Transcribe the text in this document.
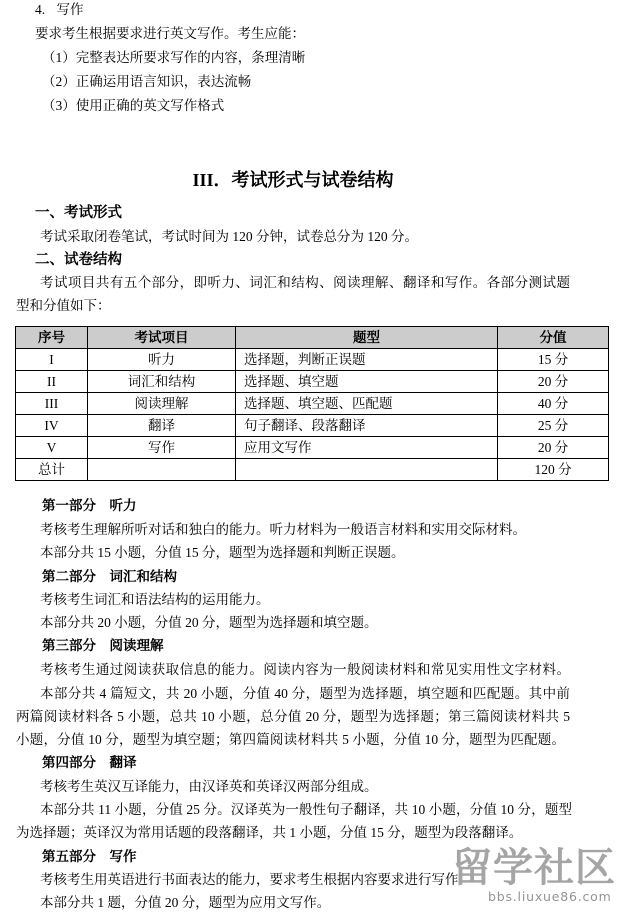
4. 写作
要求考生根据要求进行英文写作。考生应能：
（1）完整表达所要求写作的内容，条理清晰
（2）正确运用语言知识，表达流畅
（3）使用正确的英文写作格式
III．考试形式与试卷结构
一、考试形式
考试采取闭卷笔试，考试时间为 120 分钟，试卷总分为 120 分。
二、试卷结构
考试项目共有五个部分，即听力、词汇和结构、阅读理解、翻译和写作。各部分测试题
型和分值如下：
序号	考试项目	题型	分值
I	听力	选择题，判断正误题	15 分
II	词汇和结构	选择题、填空题	20 分
III	阅读理解	选择题、填空题、匹配题	40 分
IV	翻译	句子翻译、段落翻译	25 分
V	写作	应用文写作	20 分
总计			120 分
第一部分　听力
考核考生理解所听对话和独白的能力。听力材料为一般语言材料和实用交际材料。
本部分共 15 小题，分值 15 分，题型为选择题和判断正误题。
第二部分　词汇和结构
考核考生词汇和语法结构的运用能力。
本部分共 20 小题，分值 20 分，题型为选择题和填空题。
第三部分　阅读理解
考核考生通过阅读获取信息的能力。阅读内容为一般阅读材料和常见实用性文字材料。
本部分共 4 篇短文，共 20 小题，分值 40 分，题型为选择题，填空题和匹配题。其中前
两篇阅读材料各 5 小题，总共 10 小题，总分值 20 分，题型为选择题；第三篇阅读材料共 5
小题，分值 10 分，题型为填空题；第四篇阅读材料共 5 小题，分值 10 分，题型为匹配题。
第四部分　翻译
考核考生英汉互译能力，由汉译英和英译汉两部分组成。
本部分共 11 小题，分值 25 分。汉译英为一般性句子翻译，共 10 小题，分值 10 分，题型
为选择题；英译汉为常用话题的段落翻译，共 1 小题，分值 15 分，题型为段落翻译。
第五部分　写作
考核考生用英语进行书面表达的能力，要求考生根据内容要求进行写作
本部分共 1 题，分值 20 分，题型为应用文写作。
留学社区
bbs.liuxue86.com
